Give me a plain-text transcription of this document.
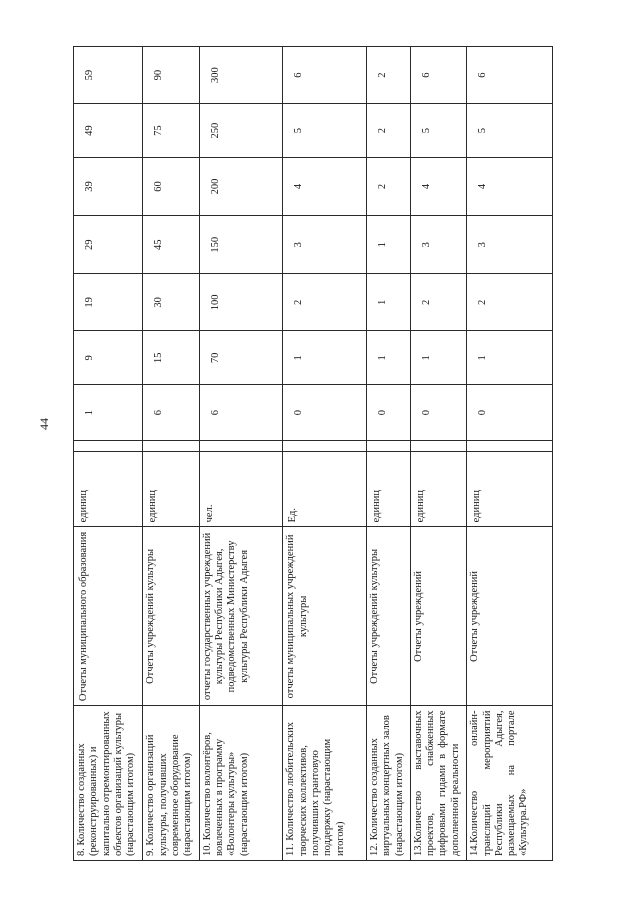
44
8. Количество созданных (реконструированных) и капитально отремонтированных объектов организаций культуры (нарастающим итогом)	Отчеты муниципального образования	единиц		1	9	19	29	39	49	59
9. Количество организаций культуры, получивших современное оборудование (нарастающим итогом)	Отчеты учреждений культуры	единиц		6	15	30	45	60	75	90
10. Количество волонтёров, вовлеченных в программу «Волонтеры культуры» (нарастающим итогом)	отчеты государственных учреждений культуры Республики Адыгея, подведомственных Министерству культуры Республики Адыгея	чел.		6	70	100	150	200	250	300
11. Количество любительских творческих коллективов, получивших грантовую поддержку (нарастающим итогом)	отчеты муниципальных учреждений культуры	Ед.		0	1	2	3	4	5	6
12. Количество созданных виртуальных концертных залов (нарастающим итогом)	Отчеты учреждений культуры	единиц		0	1	1	1	2	2	2
13.Количество выставочных проектов, снабженных цифровыми гидами в формате дополненной реальности	Отчеты учреждений	единиц		0	1	2	3	4	5	6
14.Количество онлайн-трансляций мероприятий Республики Адыгея, размещаемых на портале «Культура.РФ»	Отчеты учреждений	единиц		0	1	2	3	4	5	6
